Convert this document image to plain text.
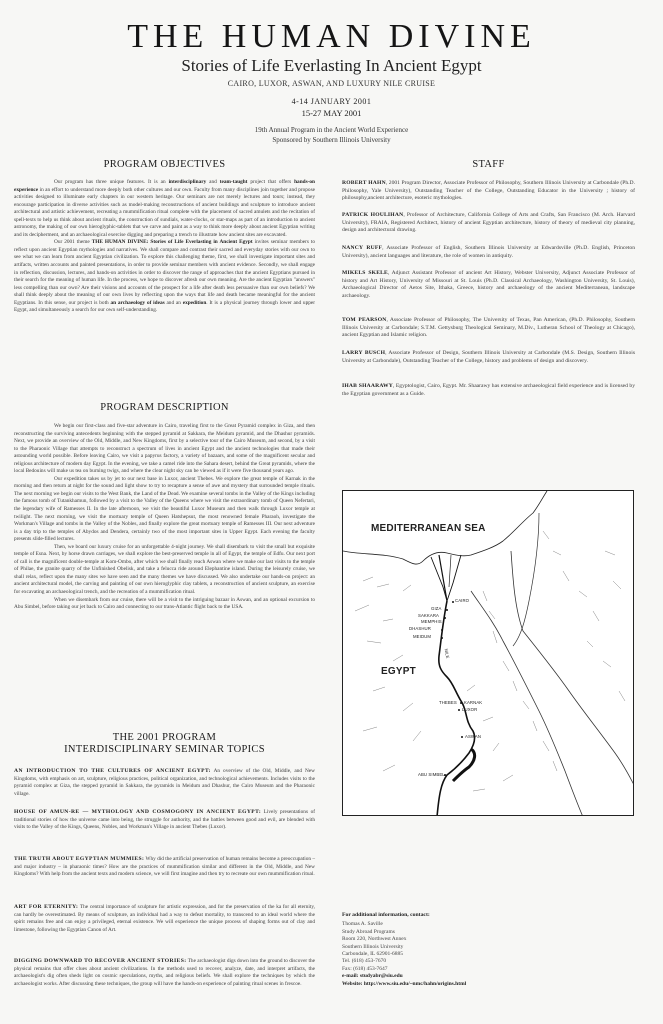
THE HUMAN DIVINE
Stories of Life Everlasting In Ancient Egypt
CAIRO, LUXOR, ASWAN, AND LUXURY NILE CRUISE
4-14 JANUARY 2001
15-27 MAY 2001
19th Annual Program in the Ancient World Experience
Sponsored by Southern Illinois University
PROGRAM OBJECTIVES

Our program has three unique features. It is an interdisciplinary and team-taught project that offers hands-on experience in an effort to understand more deeply both other cultures and our own. Faculty from many disciplines join together and propose activities designed to illuminate early chapters in our western heritage. Our seminars are not merely lectures and tours; instead, they encourage participation in diverse activities such as model-making reconstructions of ancient buildings and sculpture to introduce ancient architectural and artistic achievement, recreating a mummification ritual complete with the placement of sacred amulets and the recitation of spell-texts to help us think about ancient rituals, the construction of sundials, water-clocks, or star-maps as part of an introduction to ancient astronomy, the making of our own hieroglyphic-tablets that we carve and paint as a way to think more deeply about ancient Egyptian writing and its decipherment, and an archaeological exercise digging and preparing a trench to illustrate how ancient sites are excavated.

Our 2001 theme THE HUMAN DIVINE: Stories of Life Everlasting in Ancient Egypt invites seminar members to reflect upon ancient Egyptian mythologies and narratives. We shall compare and contrast their sacred and everyday stories with our own to see what we can learn from ancient Egyptian civilization. To explore this challenging theme, first, we shall investigate important sites and artifacts, written accounts and painted presentations, in order to provide seminar members with ancient evidence. Secondly, we shall engage in reflection, discussion, lectures, and hands-on activities in order to discover the range of approaches that the ancient Egyptians pursued in their search for the meaning of human life. In the process, we hope to discover afresh our own meaning. Are the ancient Egyptian "answers" less compelling than our own? Are their visions and accounts of the prospect for a life after death less persuasive than our own beliefs? We shall think deeply about the meaning of our own lives by reflecting upon the ways that life and death became meaningful for the ancient Egyptians. In this sense, our project is both an archaeology of ideas and an expedition. It is a physical journey through lower and upper Egypt, and simultaneously a search for our own self-understanding.

PROGRAM DESCRIPTION

We begin our first-class and five-star adventure in Cairo, traveling first to the Great Pyramid complex in Giza, and then reconstructing the surviving antecedents beginning with the stepped pyramid at Sakkara, the Meidum pyramid, and the Dhashur pyramids. Next, we provide an overview of the Old, Middle, and New Kingdoms, first by a selective tour of the Cairo Museum, and second, by a visit to the Pharaonic Village that attempts to reconstruct a spectrum of lives in ancient Egypt and the ancient technologies that made their astounding world possible. Before leaving Cairo, we visit a papyrus factory, a variety of bazaars, and some of the magnificent secular and religious architecture of modern day Egypt. In the evening, we take a camel ride into the Sahara desert, behind the Great pyramids, where the local Bedouins will make us tea on burning twigs, and where the clear night sky can be viewed as if it were five thousand years ago.

Our expedition takes us by jet to our next base in Luxor, ancient Thebes. We explore the great temple of Karnak in the morning and then return at night for the sound and light show to try to recapture a sense of awe and mystery that surrounded temple rituals. The next morning we begin our visits to the West Bank, the Land of the Dead. We examine several tombs in the Valley of the Kings including the famous tomb of Tutankhamun, followed by a visit to the Valley of the Queens where we visit the extraordinary tomb of Queen Nefertari, the legendary wife of Ramesses II. In the late afternoon, we visit the beautiful Luxor Museum and then walk through Luxor temple at twilight. The next morning, we visit the mortuary temple of Queen Hatshepsut, the most renowned female Pharaoh, investigate the Workman's Village and tombs in the Valley of the Nobles, and finally explore the great mortuary temple of Ramesses III. Our next adventure is a day trip to the temples of Abydos and Dendera, certainly two of the most important sites in Upper Egypt. Each evening the faculty presents slide-filled lectures.

Then, we board our luxury cruise for an unforgettable 4-night journey. We shall disembark to visit the small but exquisite temple of Esna. Next, by horse drawn carriages, we shall explore the best-preserved temple in all of Egypt, the temple of Edfu. Our next port of call is the magnificent double-temple at Kom-Ombo, after which we shall finally reach Aswan where we make our last visits to the temple of Philae, the granite quarry of the Unfinished Obelisk, and take a felucca ride around Elephantine island. During the leisurely cruise, we shall relax, reflect upon the many sites we have seen and the many themes we have discussed. We also undertake our hands-on project: an ancient architectural model, the carving and painting of our own hieroglyphic clay tablets, a reconstruction of ancient sculpture, an exercise for excavating an archaeological trench, and the recreation of a mummification ritual.

When we disembark from our cruise, there will be a visit to the intriguing bazaar in Aswan, and an optional excursion to Abu Simbel, before taking our jet back to Cairo and connecting to our trans-Atlantic flight back to the USA.

THE 2001 PROGRAM
INTERDISCIPLINARY SEMINAR TOPICS
AN INTRODUCTION TO THE CULTURES OF ANCIENT EGYPT: An overview of the Old, Middle, and New Kingdoms, with emphasis on art, sculpture, religious practices, political organization, and technological achievements. Includes visits to the pyramid complex at Giza, the stepped pyramid in Sakkara, the pyramids in Meidum and Dhashur, the Cairo Museum and the Pharaonic village.
HOUSE OF AMUN-RE — MYTHOLOGY AND COSMOGONY IN ANCIENT EGYPT: Lively presentations of traditional stories of how the universe came into being, the struggle for authority, and the battles between good and evil, are blended with visits to the Valley of the Kings, Queens, Nobles, and Workman's Village in ancient Thebes (Luxor).
THE TRUTH ABOUT EGYPTIAN MUMMIES: Why did the artificial preservation of human remains become a preoccupation – and major industry – in pharaonic times? How are the practices of mummification similar and different in the Old, Middle, and New Kingdoms? With help from the ancient texts and modern science, we will first imagine and then try to recreate our own mummification ritual.
ART FOR ETERNITY: The central importance of sculpture for artistic expression, and for the preservation of the ka for all eternity, can hardly be overestimated. By means of sculpture, an individual had a way to defeat mortality, to transcend to an ideal world where the spirit remains free and can enjoy a privileged, eternal existence. We will experience the unique process of shaping forms out of clay and limestone, following the Egyptian Canon of Art.
DIGGING DOWNWARD TO RECOVER ANCIENT STORIES: The archaeologist digs down into the ground to discover the physical remains that offer clues about ancient civilizations. In the methods used to recover, analyze, date, and interpret artifacts, the archaeologist's dig often sheds light on cosmic speculations, myths, and religious beliefs. We shall explore the techniques by which the archaeologist works. After discussing these techniques, the group will have the hands-on experience of painting ritual scenes in frescoe.
STAFF
ROBERT HAHN, 2001 Program Director, Associate Professor of Philosophy, Southern Illinois University at Carbondale (Ph.D. Philosophy, Yale University), Outstanding Teacher of the College, Outstanding Educator in the University ; history of philosophy,ancient architecture, esoteric mythologies.
PATRICK HOULIHAN, Professor of Architecture, California College of Arts and Crafts, San Francisco (M. Arch. Harvard University), FRAIA, Registered Architect, history of ancient Egyptian architecture, history of theory of medieval city planning, design and architectural drawing.
NANCY RUFF, Associate Professor of English, Southern Illinois University at Edwardsville (Ph.D. English, Princeton University), ancient languages and literature, the role of women in antiquity.
MIKELS SKELE, Adjunct Assistant Professor of ancient Art History, Webster University, Adjunct Associate Professor of history and Art History, University of Missouri at St. Louis (Ph.D. Classical Archaeology, Washington University, St. Louis), Archaeological Director of Aetos Site, Ithaka, Greece, history and archaeology of the ancient Mediterranean, landscape archaeology.
TOM PEARSON, Associate Professor of Philosophy, The University of Texas, Pan American, (Ph.D. Philosophy, Southern Illinois University at Carbondale; S.T.M. Gettysburg Theological Seminary, M.Div., Lutheran School of Theology at Chicago), ancient Egyptian and Islamic religion.
LARRY BUSCH, Associate Professor of Design, Southern Illinois University at Carbondale (M.S. Design, Southern Illinois University at Carbondale), Outstanding Teacher of the College, history and problems of design and discovery.
IHAB SHAARAWY, Egyptologist, Cairo, Egypt. Mr. Shaarawy has extensive archaeological field experience and is licensed by the Egyptian government as a Guide.
MEDITERRANEAN SEA
EGYPT
CAIRO
GIZA
SAKKARA
MEMPHIS
DHASHUR
MEIDUM
NILE
THEBES KARNAK
LUXOR
ASWAN
ABU SIMBEL
For additional information, contact:
Thomas A. Saville
Study Abroad Programs
Room 220, Northwest Annex
Southern Illinois University
Carbondale, IL 62901-6885
Tel. (618) 453-7670
Fax: (618) 453-7647
e-mail: studyabr@siu.edu
Website: http://www.siu.edu/~nmc/hahn/origins.html
